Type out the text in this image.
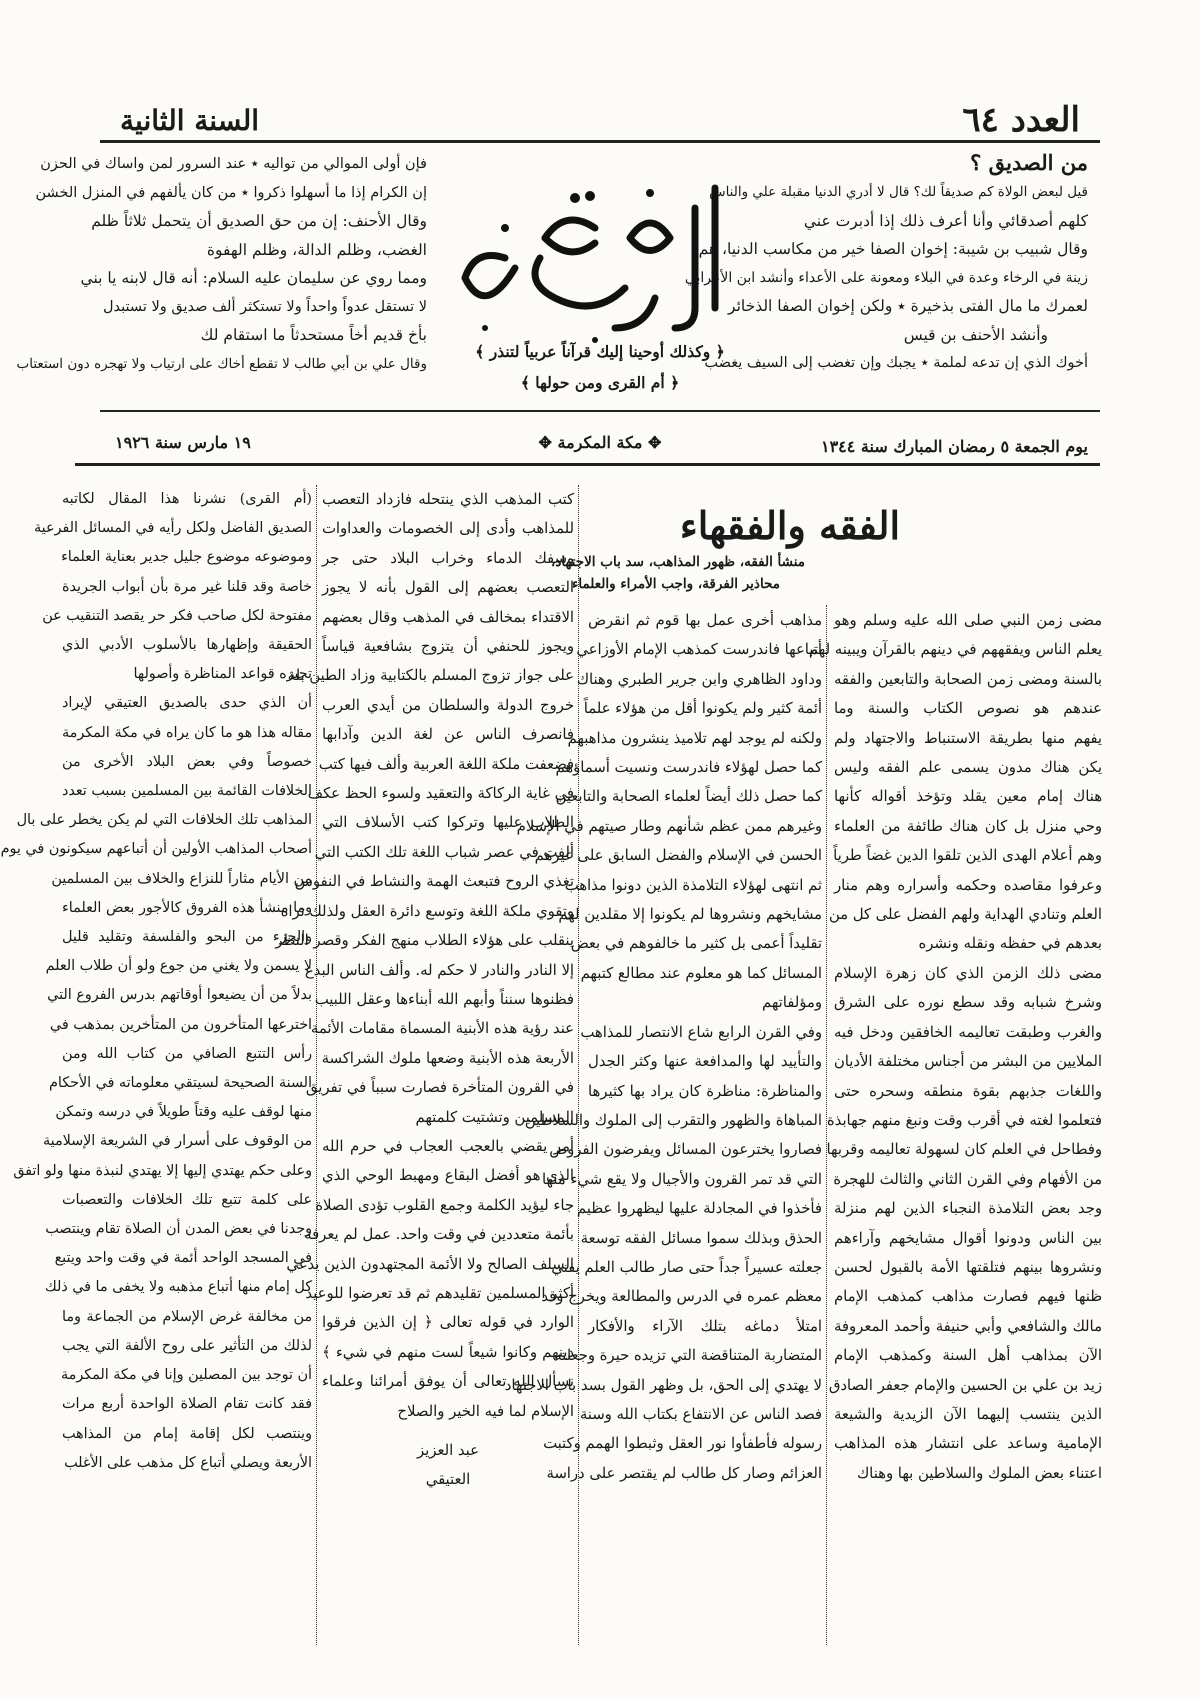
العدد ٦٤
السنة الثانية
من الصديق ؟
قيل لبعض الولاة كم صديقاً لك؟ قال لا أدري الدنيا مقبلة علي والناس
كلهم أصدقائي وأنا أعرف ذلك إذا أدبرت عني
وقال شبيب بن شيبة: إخوان الصفا خير من مكاسب الدنيا، هم
زينة في الرخاء وعدة في البلاء ومعونة على الأعداء وأنشد ابن الأعرابي
لعمرك ما مال الفتى بذخيرة ٭ ولكن إخوان الصفا الذخائر
وأنشد الأحنف بن قيس
أخوك الذي إن تدعه لملمة ٭ يجبك وإن تغضب إلى السيف يغضب
أم القرى
﴿ وكذلك أوحينا إليك قرآناً عربياً لتنذر ﴾
﴿ أم القرى ومن حولها ﴾
فإن أولى الموالي من تواليه ٭ عند السرور لمن واساك في الحزن
إن الكرام إذا ما أسهلوا ذكروا ٭ من كان يألفهم في المنزل الخشن
وقال الأحنف: إن من حق الصديق أن يتحمل ثلاثاً ظلم
الغضب، وظلم الدالة، وظلم الهفوة
ومما روي عن سليمان عليه السلام: أنه قال لابنه يا بني
لا تستقل عدواً واحداً ولا تستكثر ألف صديق ولا تستبدل
بأخ قديم أخاً مستحدثاً ما استقام لك
وقال علي بن أبي طالب لا تقطع أخاك على ارتياب ولا تهجره دون استعتاب
يوم الجمعة ٥ رمضان المبارك سنة ١٣٤٤
✥ مكة المكرمة ✥
١٩ مارس سنة ١٩٢٦
الفقه والفقهاء
منشأ الفقه، ظهور المذاهب، سد باب الاجتهاد،
محاذير الفرقة، واجب الأمراء والعلماء
مضى زمن النبي صلى الله عليه وسلم وهو
يعلم الناس ويفقههم في دينهم بالقرآن ويبينه لهم
بالسنة ومضى زمن الصحابة والتابعين والفقه
عندهم هو نصوص الكتاب والسنة وما
يفهم منها بطريقة الاستنباط والاجتهاد ولم
يكن هناك مدون يسمى علم الفقه وليس
هناك إمام معين يقلد وتؤخذ أقواله كأنها
وحي منزل بل كان هناك طائفة من العلماء
وهم أعلام الهدى الذين تلقوا الدين غضاً طرياً
وعرفوا مقاصده وحكمه وأسراره وهم منار
العلم وتنادي الهداية ولهم الفضل على كل من
بعدهم في حفظه ونقله ونشره
مضى ذلك الزمن الذي كان زهرة الإسلام
وشرخ شبابه وقد سطع نوره على الشرق
والغرب وطبقت تعاليمه الخافقين ودخل فيه
الملايين من البشر من أجناس مختلفة الأديان
واللغات جذبهم بقوة منطقه وسحره حتى
فتعلموا لغته في أقرب وقت ونبغ منهم جهابذة
وفطاحل في العلم كان لسهولة تعاليمه وقربها
من الأفهام وفي القرن الثاني والثالث للهجرة
وجد بعض التلامذة النجباء الذين لهم منزلة
بين الناس ودونوا أقوال مشايخهم وآراءهم
ونشروها بينهم فتلقتها الأمة بالقبول لحسن
ظنها فيهم فصارت مذاهب كمذهب الإمام
مالك والشافعي وأبي حنيفة وأحمد المعروفة
الآن بمذاهب أهل السنة وكمذهب الإمام
زيد بن علي بن الحسين والإمام جعفر الصادق
الذين ينتسب إليهما الآن الزيدية والشيعة
الإمامية وساعد على انتشار هذه المذاهب
اعتناء بعض الملوك والسلاطين بها وهناك
مذاهب أخرى عمل بها قوم ثم انقرض
أتباعها فاندرست كمذهب الإمام الأوزاعي
وداود الظاهري وابن جرير الطبري وهناك
أئمة كثير ولم يكونوا أقل من هؤلاء علماً
ولكنه لم يوجد لهم تلاميذ ينشرون مذاهبهم
كما حصل لهؤلاء فاندرست ونسيت أسماؤهم
كما حصل ذلك أيضاً لعلماء الصحابة والتابعين
وغيرهم ممن عظم شأنهم وطار صيتهم في الإسلام
الحسن في الإسلام والفضل السابق على غيرهم
ثم انتهى لهؤلاء التلامذة الذين دونوا مذاهب
مشايخهم ونشروها لم يكونوا إلا مقلدين لهم
تقليداً أعمى بل كثير ما خالفوهم في بعض
المسائل كما هو معلوم عند مطالع كتبهم
ومؤلفاتهم
وفي القرن الرابع شاع الانتصار للمذاهب
والتأييد لها والمدافعة عنها وكثر الجدل
والمناظرة: مناظرة كان يراد بها كثيرها
المباهاة والظهور والتقرب إلى الملوك والسلاطين
فصاروا يخترعون المسائل ويفرضون الفروض
التي قد تمر القرون والأجيال ولا يقع شيء منها
فأخذوا في المجادلة عليها ليظهروا عظيم
الحذق وبذلك سموا مسائل الفقه توسعة
جعلته عسيراً جداً حتى صار طالب العلم يفني
معظم عمره في الدرس والمطالعة ويخرج وقد
امتلأ دماغه بتلك الآراء والأفكار
المتضاربة المتناقضة التي تزيده حيرة وجعلته
لا يهتدي إلى الحق، بل وظهر القول بسد باب الاجتهاد
فصد الناس عن الانتفاع بكتاب الله وسنة
رسوله فأطفأوا نور العقل وثبطوا الهمم وكتبت
العزائم وصار كل طالب لم يقتصر على دراسة
كتب المذهب الذي ينتحله فازداد التعصب
للمذاهب وأدى إلى الخصومات والعداوات
وسفك الدماء وخراب البلاد حتى جر
التعصب بعضهم إلى القول بأنه لا يجوز
الاقتداء بمخالف في المذهب وقال بعضهم
ويجوز للحنفي أن يتزوج بشافعية قياساً
على جواز تزوج المسلم بالكتابية وزاد الطين بلة
خروج الدولة والسلطان من أيدي العرب
فانصرف الناس عن لغة الدين وآدابها
فضعفت ملكة اللغة العربية وألف فيها كتب
في غاية الركاكة والتعقيد ولسوء الحظ عكف
الطلاب عليها وتركوا كتب الأسلاف التي
ألفت في عصر شباب اللغة تلك الكتب التي
تغذي الروح فتبعث الهمة والنشاط في النفوس
وتقوي ملكة اللغة وتوسع دائرة العقل ولذلك تراه
ينقلب على هؤلاء الطلاب منهج الفكر وقصر النظر
إلا النادر والنادر لا حكم له. وألف الناس البدع
فظنوها سنناً وأبهم الله أبناءها وعقل اللبيب
عند رؤية هذه الأبنية المسماة مقامات الأئمة
الأربعة هذه الأبنية وضعها ملوك الشراكسة
في القرون المتأخرة فصارت سبباً في تفريق
المسلمين وتشتيت كلمتهم
أمر يقضي بالعجب العجاب في حرم الله
الذي هو أفضل البقاع ومهبط الوحي الذي
جاء ليؤيد الكلمة وجمع القلوب تؤدى الصلاة
بأئمة متعددين في وقت واحد. عمل لم يعرفه
السلف الصالح ولا الأئمة المجتهدون الذين يدعي
أكثر المسلمين تقليدهم ثم قد تعرضوا للوعيد
الوارد في قوله تعالى ﴿ إن الذين فرقوا
دينهم وكانوا شيعاً لست منهم في شيء ﴾
نسأل الله تعالى أن يوفق أمرائنا وعلماء
الإسلام لما فيه الخير والصلاح
عبد العزيز
العتيقي
(أم القرى) نشرنا هذا المقال لكاتبه
الصديق الفاضل ولكل رأيه في المسائل الفرعية
وموضوعه موضوع جليل جدير بعناية العلماء
خاصة وقد قلنا غير مرة بأن أبواب الجريدة
مفتوحة لكل صاحب فكر حر يقصد التنقيب عن
الحقيقة وإظهارها بالأسلوب الأدبي الذي
تجيزه قواعد المناظرة وأصولها
أن الذي حدى بالصديق العتيقي لإيراد
مقاله هذا هو ما كان يراه في مكة المكرمة
خصوصاً وفي بعض البلاد الأخرى من
الخلافات القائمة بين المسلمين بسبب تعدد
المذاهب تلك الخلافات التي لم يكن يخطر على بال
أصحاب المذاهب الأولين أن أتباعهم سيكونون في يوم
من الأيام مثاراً للنزاع والخلاف بين المسلمين
وما منشأ هذه الفروق كالأجور بعض العلماء
والجزء من البحو والفلسفة وتقليد قليل
لا يسمن ولا يغني من جوع ولو أن طلاب العلم
بدلاً من أن يضيعوا أوقاتهم بدرس الفروع التي
اخترعها المتأخرون من المتأخرين بمذهب في
رأس التتبع الصافي من كتاب الله ومن
السنة الصحيحة لسيتقي معلوماته في الأحكام
منها لوقف عليه وقتاً طويلاً في درسه وتمكن
من الوقوف على أسرار في الشريعة الإسلامية
وعلى حكم يهتدي إليها إلا يهتدي لنبذة منها ولو اتفق
على كلمة تتبع تلك الخلافات والتعصبات
وجدنا في بعض المدن أن الصلاة تقام وينتصب
في المسجد الواحد أئمة في وقت واحد ويتبع
كل إمام منها أتباع مذهبه ولا يخفى ما في ذلك
من مخالفة غرض الإسلام من الجماعة وما
لذلك من التأثير على روح الألفة التي يجب
أن توجد بين المصلين وإنا في مكة المكرمة
فقد كانت تقام الصلاة الواحدة أربع مرات
وينتصب لكل إقامة إمام من المذاهب
الأربعة ويصلي أتباع كل مذهب على الأغلب
